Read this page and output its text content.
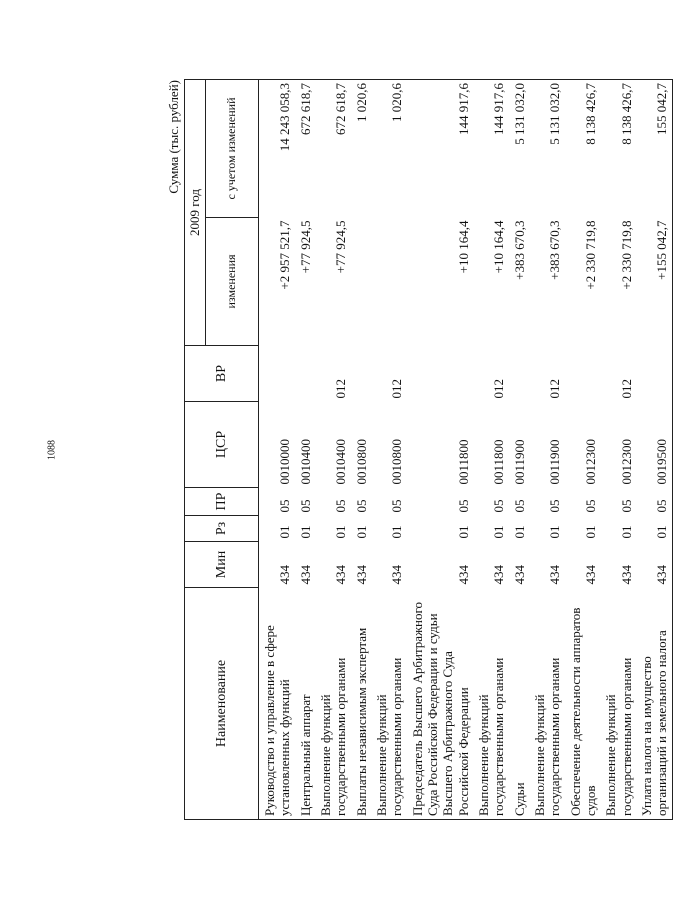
1088
Сумма (тыс. рублей)
Наименование	Мин	Рз	ПР	ЦСР	ВР	2009 год	
						изменения	с учетом изменений
Руководство и управление в сфере установленных функций	434	01	05	0010000		+2 957 521,7	14 243 058,3
Центральный аппарат	434	01	05	0010400		+77 924,5	672 618,7
Выполнение функций государственными органами	434	01	05	0010400	012	+77 924,5	672 618,7
Выплаты независимым экспертам	434	01	05	0010800			1 020,6
Выполнение функций государственными органами	434	01	05	0010800	012		1 020,6
Председатель Высшего Арбитражного Суда Российской Федерации и судьи Высшего Арбитражного Суда Российской Федерации	434	01	05	0011800		+10 164,4	144 917,6
Выполнение функций государственными органами	434	01	05	0011800	012	+10 164,4	144 917,6
Судьи	434	01	05	0011900		+383 670,3	5 131 032,0
Выполнение функций государственными органами	434	01	05	0011900	012	+383 670,3	5 131 032,0
Обеспечение деятельности аппаратов судов	434	01	05	0012300		+2 330 719,8	8 138 426,7
Выполнение функций государственными органами	434	01	05	0012300	012	+2 330 719,8	8 138 426,7
Уплата налога на имущество организаций и земельного налога	434	01	05	0019500		+155 042,7	155 042,7
